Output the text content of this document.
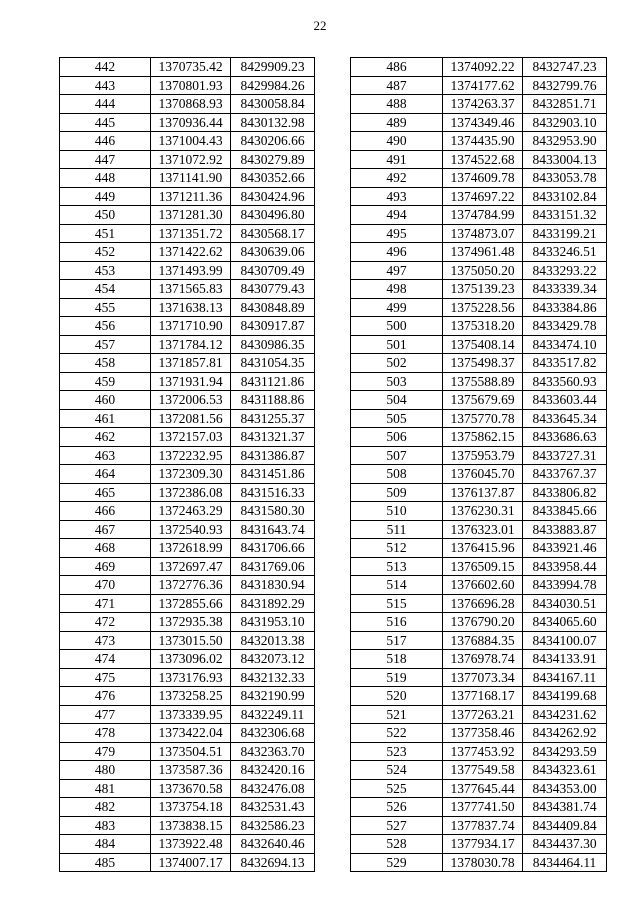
22
442	1370735.42	8429909.23
443	1370801.93	8429984.26
444	1370868.93	8430058.84
445	1370936.44	8430132.98
446	1371004.43	8430206.66
447	1371072.92	8430279.89
448	1371141.90	8430352.66
449	1371211.36	8430424.96
450	1371281.30	8430496.80
451	1371351.72	8430568.17
452	1371422.62	8430639.06
453	1371493.99	8430709.49
454	1371565.83	8430779.43
455	1371638.13	8430848.89
456	1371710.90	8430917.87
457	1371784.12	8430986.35
458	1371857.81	8431054.35
459	1371931.94	8431121.86
460	1372006.53	8431188.86
461	1372081.56	8431255.37
462	1372157.03	8431321.37
463	1372232.95	8431386.87
464	1372309.30	8431451.86
465	1372386.08	8431516.33
466	1372463.29	8431580.30
467	1372540.93	8431643.74
468	1372618.99	8431706.66
469	1372697.47	8431769.06
470	1372776.36	8431830.94
471	1372855.66	8431892.29
472	1372935.38	8431953.10
473	1373015.50	8432013.38
474	1373096.02	8432073.12
475	1373176.93	8432132.33
476	1373258.25	8432190.99
477	1373339.95	8432249.11
478	1373422.04	8432306.68
479	1373504.51	8432363.70
480	1373587.36	8432420.16
481	1373670.58	8432476.08
482	1373754.18	8432531.43
483	1373838.15	8432586.23
484	1373922.48	8432640.46
485	1374007.17	8432694.13
486	1374092.22	8432747.23
487	1374177.62	8432799.76
488	1374263.37	8432851.71
489	1374349.46	8432903.10
490	1374435.90	8432953.90
491	1374522.68	8433004.13
492	1374609.78	8433053.78
493	1374697.22	8433102.84
494	1374784.99	8433151.32
495	1374873.07	8433199.21
496	1374961.48	8433246.51
497	1375050.20	8433293.22
498	1375139.23	8433339.34
499	1375228.56	8433384.86
500	1375318.20	8433429.78
501	1375408.14	8433474.10
502	1375498.37	8433517.82
503	1375588.89	8433560.93
504	1375679.69	8433603.44
505	1375770.78	8433645.34
506	1375862.15	8433686.63
507	1375953.79	8433727.31
508	1376045.70	8433767.37
509	1376137.87	8433806.82
510	1376230.31	8433845.66
511	1376323.01	8433883.87
512	1376415.96	8433921.46
513	1376509.15	8433958.44
514	1376602.60	8433994.78
515	1376696.28	8434030.51
516	1376790.20	8434065.60
517	1376884.35	8434100.07
518	1376978.74	8434133.91
519	1377073.34	8434167.11
520	1377168.17	8434199.68
521	1377263.21	8434231.62
522	1377358.46	8434262.92
523	1377453.92	8434293.59
524	1377549.58	8434323.61
525	1377645.44	8434353.00
526	1377741.50	8434381.74
527	1377837.74	8434409.84
528	1377934.17	8434437.30
529	1378030.78	8434464.11
